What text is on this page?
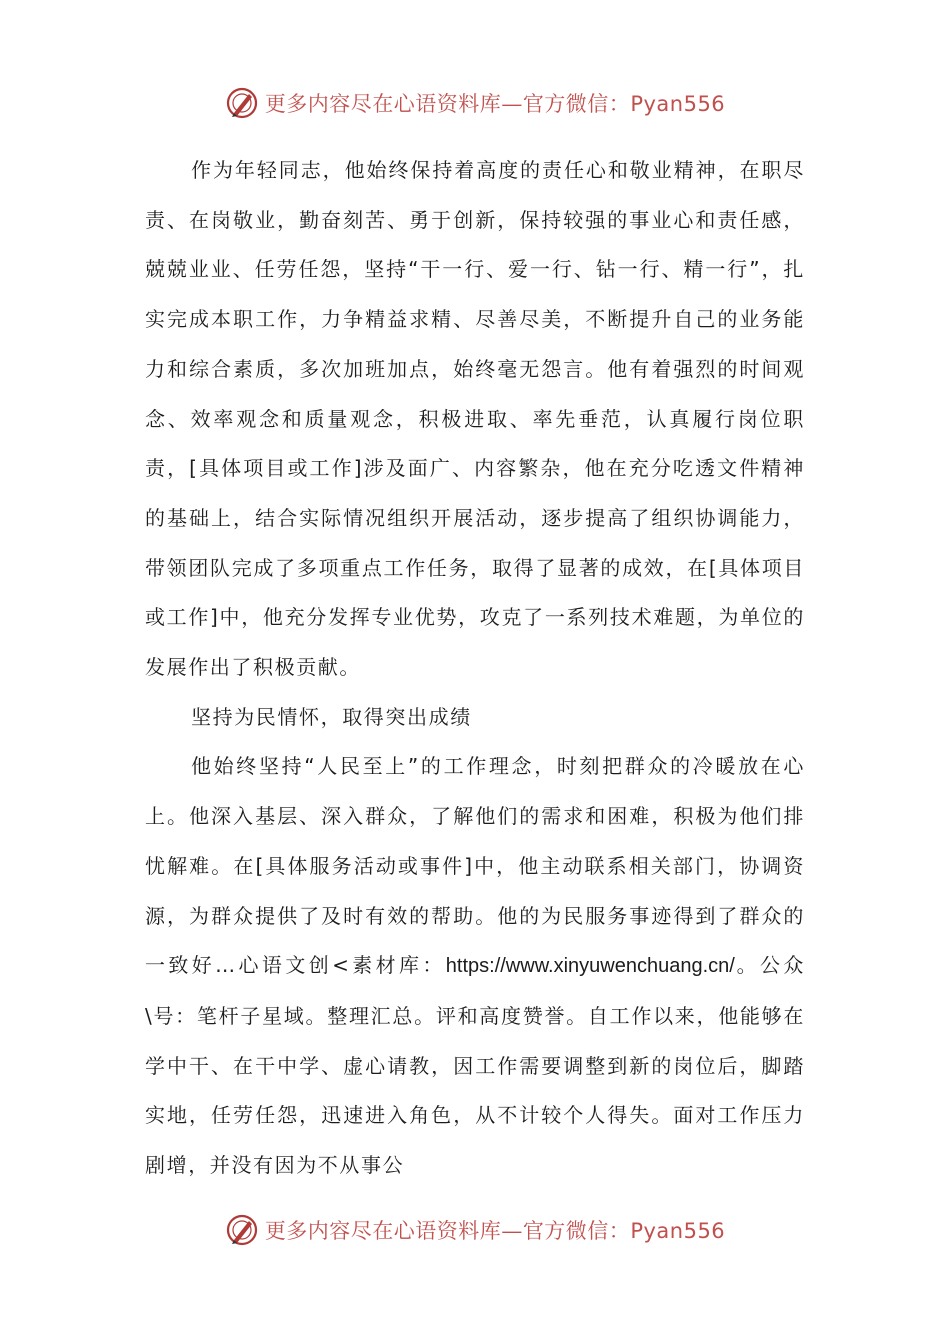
更多内容尽在心语资料库—官方微信：Pyan556

作为年轻同志，他始终保持着高度的责任心和敬业精神，在职尽责、在岗敬业，勤奋刻苦、勇于创新，保持较强的事业心和责任感，兢兢业业、任劳任怨，坚持“干一行、爱一行、钻一行、精一行”，扎实完成本职工作，力争精益求精、尽善尽美，不断提升自己的业务能力和综合素质，多次加班加点，始终毫无怨言。他有着强烈的时间观念、效率观念和质量观念，积极进取、率先垂范，认真履行岗位职责，[具体项目或工作]涉及面广、内容繁杂，他在充分吃透文件精神的基础上，结合实际情况组织开展活动，逐步提高了组织协调能力，带领团队完成了多项重点工作任务，取得了显著的成效，在[具体项目或工作]中，他充分发挥专业优势，攻克了一系列技术难题，为单位的发展作出了积极贡献。

坚持为民情怀，取得突出成绩

他始终坚持“人民至上”的工作理念，时刻把群众的冷暖放在心上。他深入基层、深入群众，了解他们的需求和困难，积极为他们排忧解难。在[具体服务活动或事件]中，他主动联系相关部门，协调资源，为群众提供了及时有效的帮助。他的为民服务事迹得到了群众的一致好…心语文创<素材库：https://www.xinyuwenchuang.cn/。公众\号：笔杆子星域。整理汇总。评和高度赞誉。自工作以来，他能够在学中干、在干中学、虚心请教，因工作需要调整到新的岗位后，脚踏实地，任劳任怨，迅速进入角色，从不计较个人得失。面对工作压力剧增，并没有因为不从事公

更多内容尽在心语资料库—官方微信：Pyan556
